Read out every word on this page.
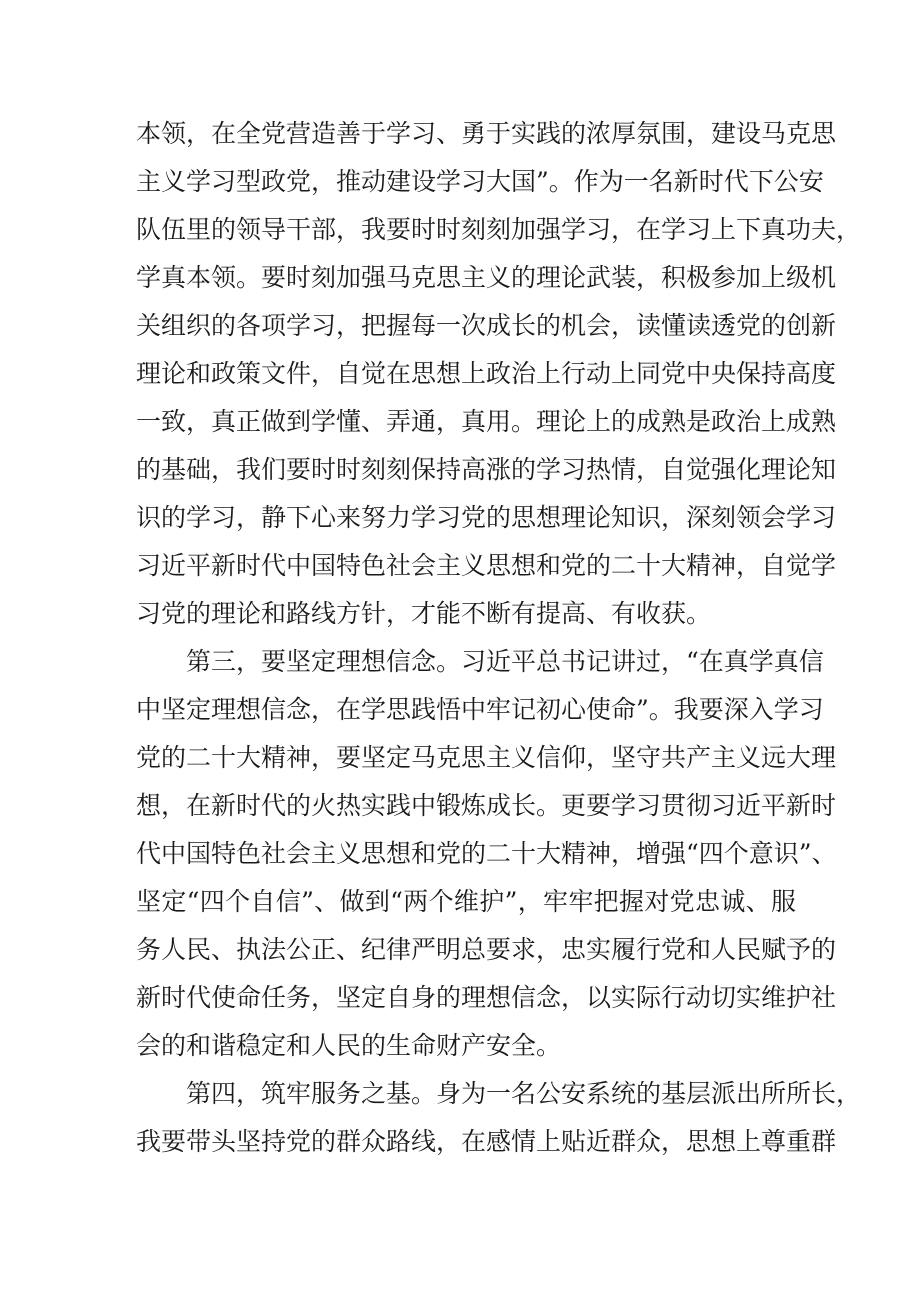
本领，在全党营造善于学习、勇于实践的浓厚氛围，建设马克思
主义学习型政党，推动建设学习大国”。作为一名新时代下公安
队伍里的领导干部，我要时时刻刻加强学习，在学习上下真功夫，
学真本领。要时刻加强马克思主义的理论武装，积极参加上级机
关组织的各项学习，把握每一次成长的机会，读懂读透党的创新
理论和政策文件，自觉在思想上政治上行动上同党中央保持高度
一致，真正做到学懂、弄通，真用。理论上的成熟是政治上成熟
的基础，我们要时时刻刻保持高涨的学习热情，自觉强化理论知
识的学习，静下心来努力学习党的思想理论知识，深刻领会学习
习近平新时代中国特色社会主义思想和党的二十大精神，自觉学
习党的理论和路线方针，才能不断有提高、有收获。
第三，要坚定理想信念。习近平总书记讲过，“在真学真信
中坚定理想信念，在学思践悟中牢记初心使命”。我要深入学习
党的二十大精神，要坚定马克思主义信仰，坚守共产主义远大理
想，在新时代的火热实践中锻炼成长。更要学习贯彻习近平新时
代中国特色社会主义思想和党的二十大精神，增强“四个意识”、
坚定“四个自信”、做到“两个维护”，牢牢把握对党忠诚、服
务人民、执法公正、纪律严明总要求，忠实履行党和人民赋予的
新时代使命任务，坚定自身的理想信念，以实际行动切实维护社
会的和谐稳定和人民的生命财产安全。
第四，筑牢服务之基。身为一名公安系统的基层派出所所长，
我要带头坚持党的群众路线，在感情上贴近群众，思想上尊重群
